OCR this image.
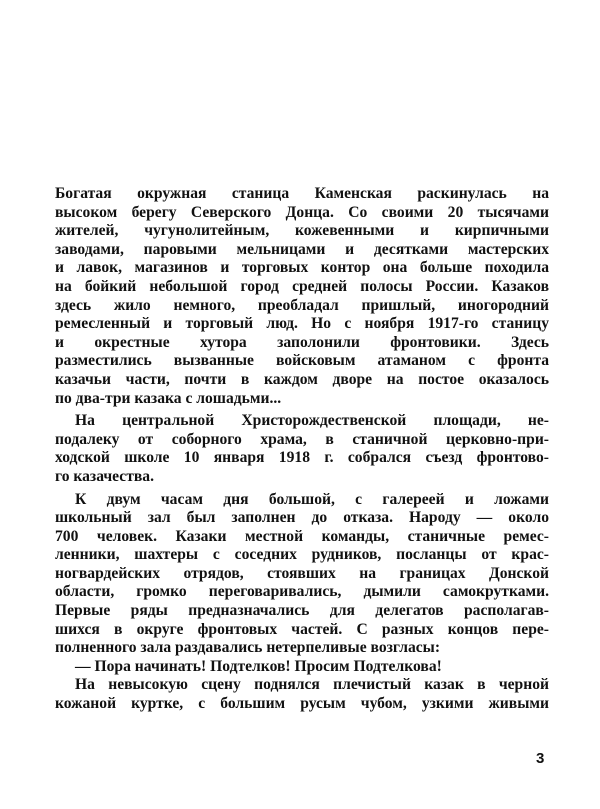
Богатая окружная станица Каменская раскинулась на
высоком берегу Северского Донца. Со своими 20 тысячами
жителей, чугунолитейным, кожевенными и кирпичными
заводами, паровыми мельницами и десятками мастерских
и лавок, магазинов и торговых контор она больше походила
на бойкий небольшой город средней полосы России. Казаков
здесь жило немного, преобладал пришлый, иногородний
ремесленный и торговый люд. Но с ноября 1917-го станицу
и окрестные хутора заполонили фронтовики. Здесь
разместились вызванные войсковым атаманом с фронта
казачьи части, почти в каждом дворе на постое оказалось
по два-три казака с лошадьми...
На центральной Христорождественской площади, не-
подалеку от соборного храма, в станичной церковно-при-
ходской школе 10 января 1918 г. собрался съезд фронтово-
го казачества.
К двум часам дня большой, с галереей и ложами
школьный зал был заполнен до отказа. Народу — около
700 человек. Казаки местной команды, станичные ремес-
ленники, шахтеры с соседних рудников, посланцы от крас-
ногвардейских отрядов, стоявших на границах Донской
области, громко переговаривались, дымили самокрутками.
Первые ряды предназначались для делегатов располагав-
шихся в округе фронтовых частей. С разных концов пере-
полненного зала раздавались нетерпеливые возгласы:
— Пора начинать! Подтелков! Просим Подтелкова!
На невысокую сцену поднялся плечистый казак в черной
кожаной куртке, с большим русым чубом, узкими живыми
3
